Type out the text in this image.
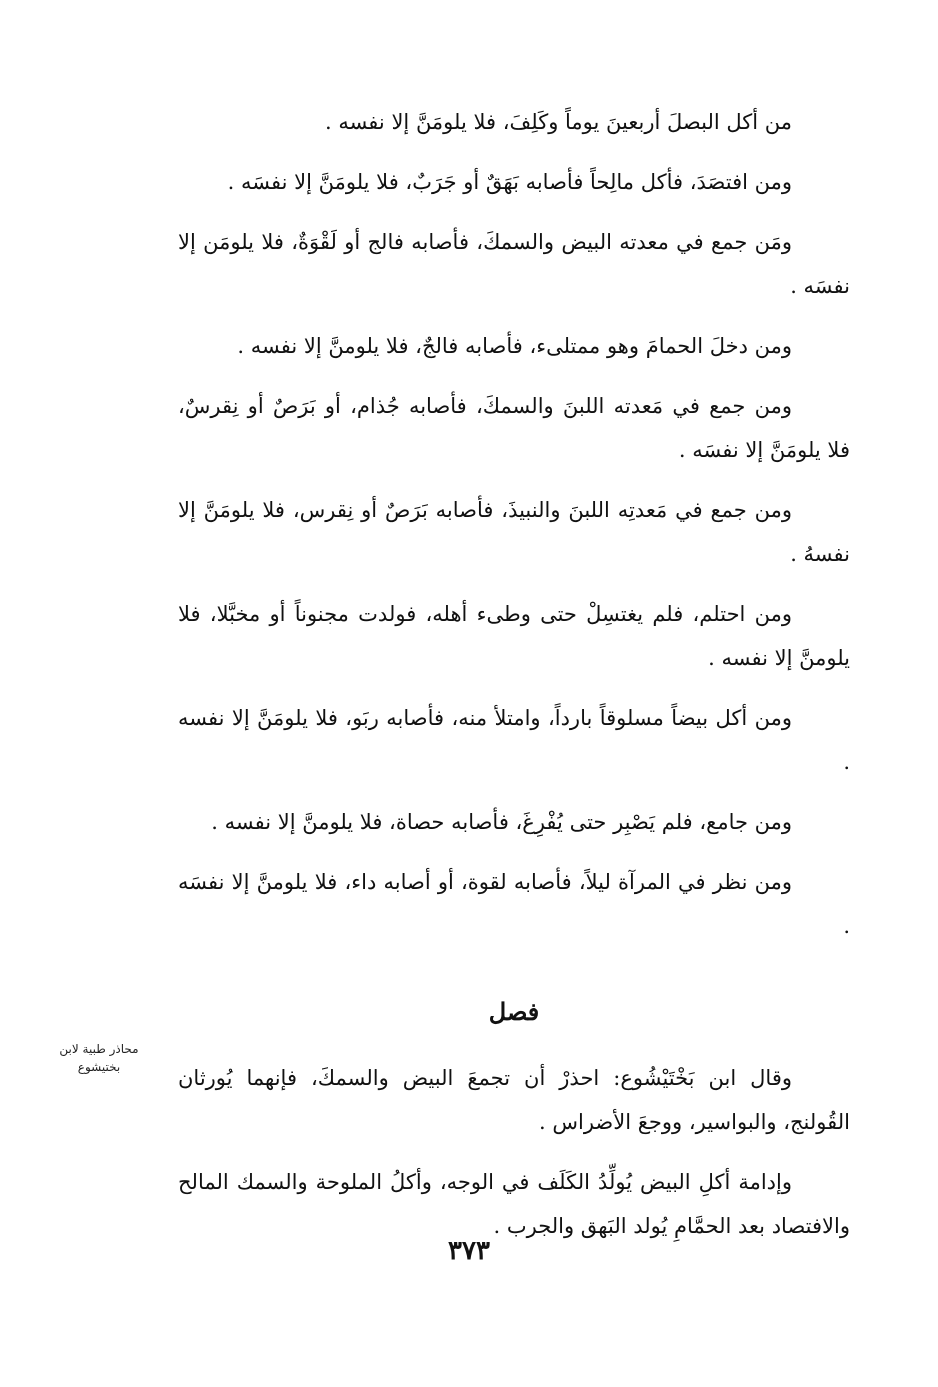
من أكل البصلَ أربعينَ يوماً وكَلِفَ، فلا يلومَنَّ إلا نفسه .

ومن افتصَدَ، فأكل مالِحاً فأصابه بَهَقٌ أو جَرَبٌ، فلا يلومَنَّ إلا نفسَه .

ومَن جمع في معدته البيض والسمكَ، فأصابه فالج أو لَقْوَةٌ، فلا يلومَن إلا نفسَه .

ومن دخلَ الحمامَ وهو ممتلىء، فأصابه فالجٌ، فلا يلومنَّ إلا نفسه .

ومن جمع في مَعدته اللبنَ والسمكَ، فأصابه جُذام، أو بَرَصٌ أو نِقرسٌ، فلا يلومَنَّ إلا نفسَه .

ومن جمع في مَعدتِه اللبنَ والنبيذَ، فأصابه بَرَصٌ أو نِقرس، فلا يلومَنَّ إلا نفسهُ .

ومن احتلم، فلم يغتسِلْ حتى وطىء أهله، فولدت مجنوناً أو مخبَّلا، فلا يلومنَّ إلا نفسه .

ومن أكل بيضاً مسلوقاً بارداً، وامتلأ منه، فأصابه ربَو، فلا يلومَنَّ إلا نفسه .

ومن جامع، فلم يَصْبِر حتى يُفْرِغَ، فأصابه حصاة، فلا يلومنَّ إلا نفسه .

ومن نظر في المرآة ليلاً، فأصابه لقوة، أو أصابه داء، فلا يلومنَّ إلا نفسَه .

فصل

وقال ابن بَخْتَيْشُوع: احذرْ أن تجمعَ البيض والسمكَ، فإنهما يُورثان القُولنج، والبواسير، ووجعَ الأضراس .

وإدامة أكلِ البيض يُولِّدُ الكَلَف في الوجه، وأكلُ الملوحة والسمك المالح والافتصاد بعد الحمَّامِ يُولد البَهق والجرب .

محاذر طبية لابن بختيشوع
٣٧٣
